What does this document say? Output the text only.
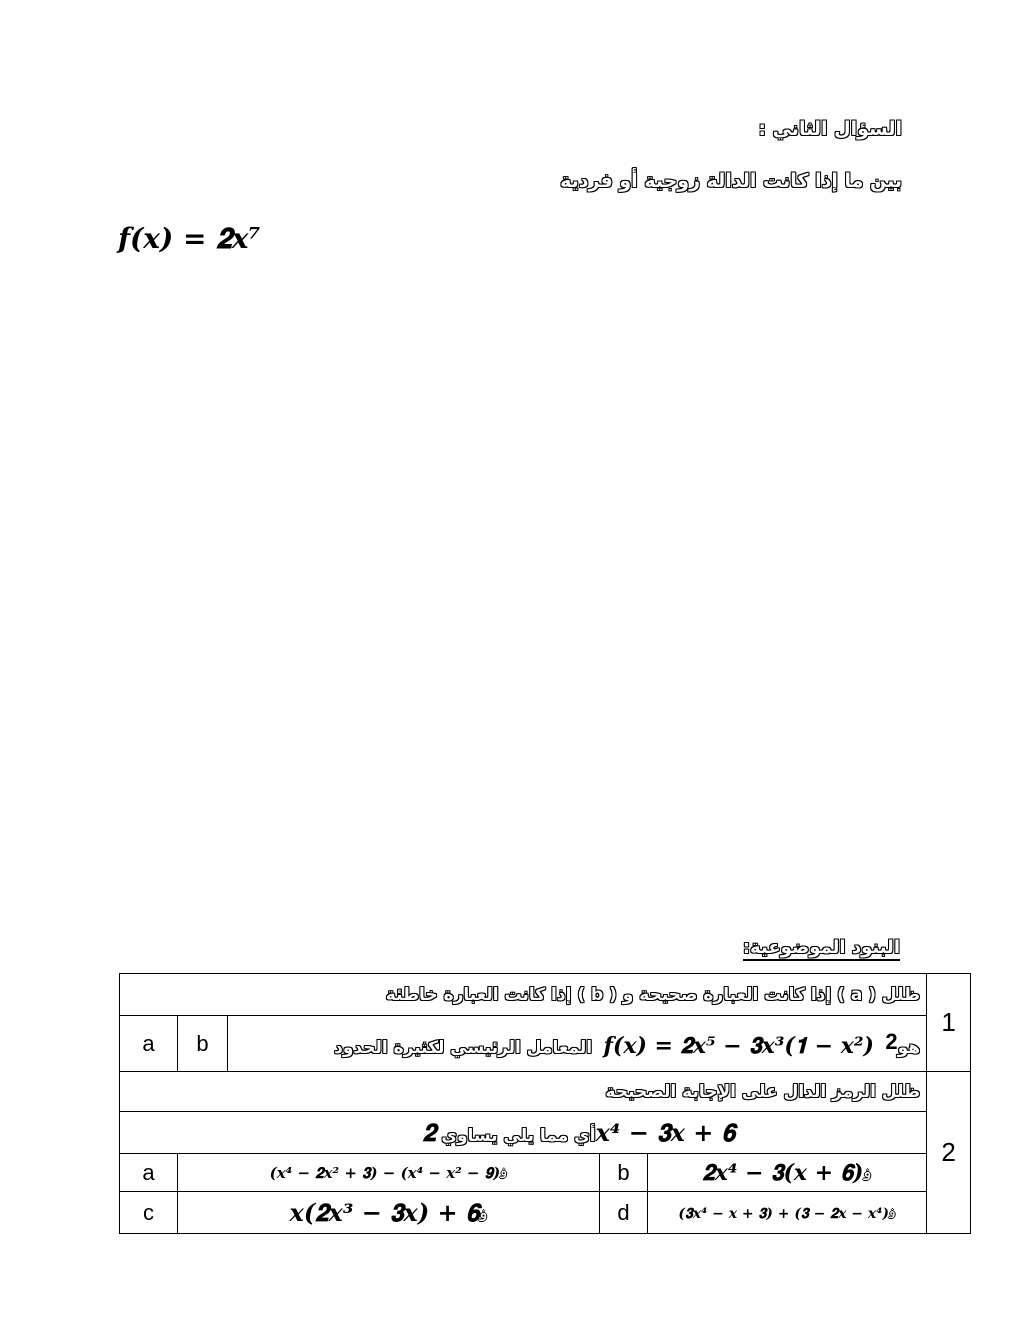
السؤال الثاني :
بين ما إذا كانت الدالة زوجية أو فردية
𝒇(𝒙) = 𝟐𝒙⁷
البنود الموضوعية:
ظلل ( a ) إذا كانت العبارة صحيحة و ( b ) إذا كانت العبارة خاطئة					1
a	b	المعامل الرئيسي لكثيرة الحدود 𝒇(𝒙) = 𝟐𝒙⁵ − 𝟑𝒙³(𝟏 − 𝒙²) هو2			
ظلل الرمز الدال على الإجابة الصحيحة					2
أي مما يلي يساوي 𝟐𝒙⁴ − 𝟑𝒙 + 𝟔					
a	(𝒙⁴ − 𝟐𝒙² + 𝟑) − (𝒙⁴ − 𝒙² − 𝟗)ﻓ		b	𝟐𝒙⁴ − 𝟑(𝒙 + 𝟔)ﻓ	
c	𝒙(𝟐𝒙³ − 𝟑𝒙) + 𝟔ﻓ		d	(𝟑𝒙⁴ − 𝒙 + 𝟑) + (𝟑 − 𝟐𝒙 − 𝒙⁴)ﻓ	
